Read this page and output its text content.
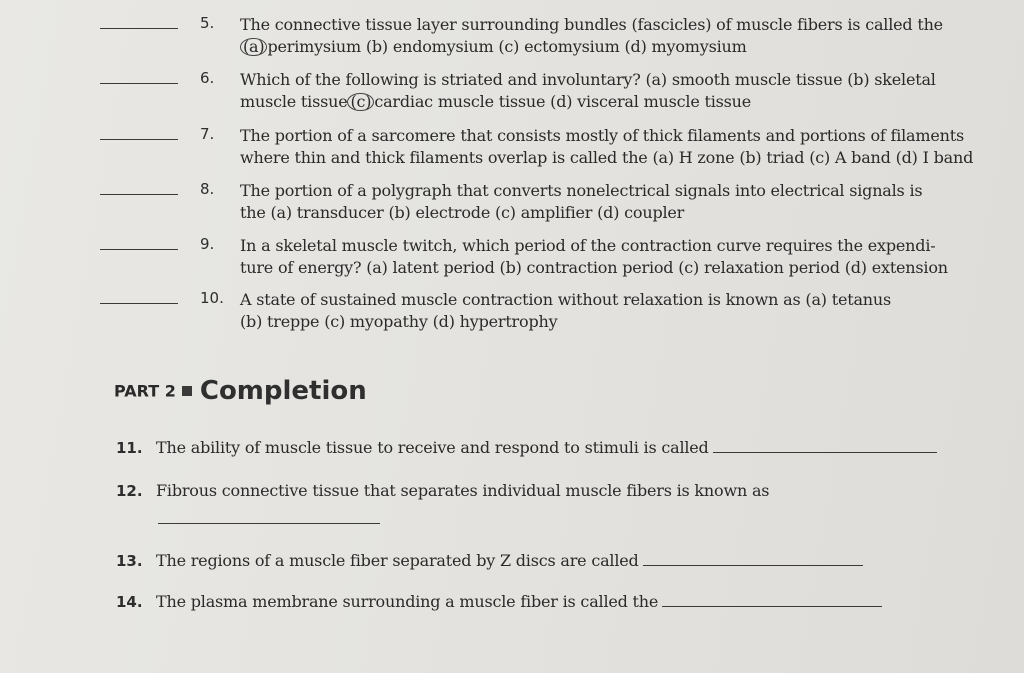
5.	The connective tissue layer surrounding bundles (fascicles) of muscle fibers is called the
(a) perimysium (b) endomysium (c) ectomysium (d) myomysium
6.	Which of the following is striated and involuntary? (a) smooth muscle tissue (b) skeletal
muscle tissue (c) cardiac muscle tissue (d) visceral muscle tissue
7.	The portion of a sarcomere that consists mostly of thick filaments and portions of filaments
where thin and thick filaments overlap is called the (a) H zone (b) triad (c) A band (d) I band
8.	The portion of a polygraph that converts nonelectrical signals into electrical signals is
the (a) transducer (b) electrode (c) amplifier (d) coupler
9.	In a skeletal muscle twitch, which period of the contraction curve requires the expendi-
ture of energy? (a) latent period (b) contraction period (c) relaxation period (d) extension
10.	A state of sustained muscle contraction without relaxation is known as (a) tetanus
(b) treppe (c) myopathy (d) hypertrophy
PART 2 Completion
11. The ability of muscle tissue to receive and respond to stimuli is called
12. Fibrous connective tissue that separates individual muscle fibers is known as
13. The regions of a muscle fiber separated by Z discs are called
14. The plasma membrane surrounding a muscle fiber is called the
